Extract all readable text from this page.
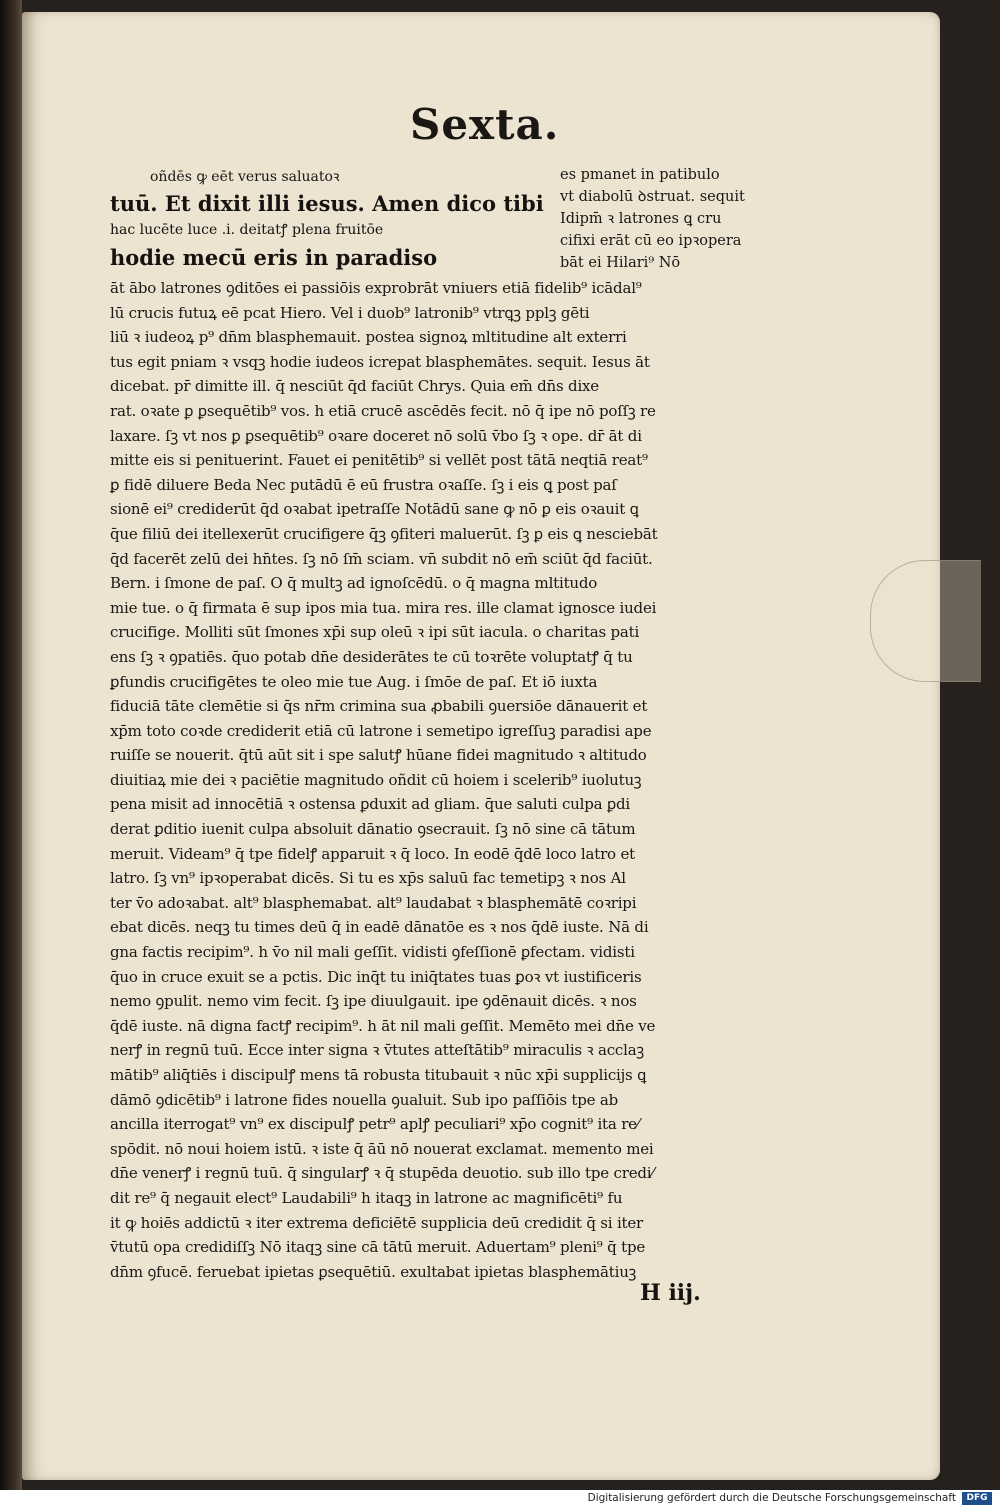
Sexta.
oñdēs ꝙ eēt verus saluatoꝛ
tuū. Et dixit illi iesus. Amen dico tibi
hac lucēte luce .i. deitatꝭ plena fruitōe
hodie mecū eris in paradiso
es pmanet in patibulo
vt diabolū ꝺstruat. sequit
Idipm̄ ꝛ latrones ꝗ cru
cifixi erāt cū eo ipꝛopera
bāt ei Hilari⁹ Nō
āt ābo latrones ꝯditōes ei passiōis exprobrāt vniuers etiā fidelib⁹ icādal⁹
lū crucis futuꝝ eē pcat Hiero. Vel i duob⁹ latronib⁹ vtrꝗꝫ pplꝫ gēti
liū ꝛ iudeoꝝ p⁹ dn̄m blasphemauit. postea signoꝝ mltitudine alt exterri
tus egit pniam ꝛ vsqꝫ hodie iudeos icrepat blasphemātes. sequit. Iesus āt
dicebat. pr̄ dimitte ill. q̄ nesciūt q̄d faciūt Chrys. Quia em̄ dn̄s dixe
rat. oꝛate ꝑ ꝑsequētib⁹ vos. h etiā crucē ascēdēs fecit. nō q̄ ipe nō poſſꝫ re
laxare. ſꝫ vt nos ꝑ ꝑsequētib⁹ oꝛare doceret nō solū v̄bo ſꝫ ꝛ ope. dr̄ āt di
mitte eis si penituerint. Fauet ei penitētib⁹ si vellēt post tātā neqtiā reat⁹
ꝑ fidē diluere Beda Nec putādū ē eū frustra oꝛaſſe. ſꝫ i eis ꝗ post paſ
sionē ei⁹ crediderūt q̄d oꝛabat ipetraſſe Notādū sane ꝙ nō ꝑ eis oꝛauit ꝗ
q̄ue filiū dei itellexerūt crucifigere q̄ꝫ ꝯfiteri maluerūt. ſꝫ ꝑ eis ꝗ nesciebāt
q̄d facerēt zelū dei hn̄tes. ſꝫ nō ſm̄ sciam. vn̄ subdit nō em̄ sciūt q̄d faciūt.
Bern. i ſmone de paſ. O q̄ multꝫ ad ignoſcēdū. o q̄ magna mltitudo
mie tue. o q̄ firmata ē sup ipos mia tua. mira res. ille clamat ignosce iudei
crucifige. Molliti sūt ſmones xp̄i sup oleū ꝛ ipi sūt iacula. o charitas pati
ens ſꝫ ꝛ ꝯpatiēs. q̄uo potab dn̄e desiderātes te cū toꝛrēte voluptatꝭ q̄ tu
ꝑfundis crucifigētes te oleo mie tue Aug. i ſmōe de paſ. Et iō iuxta
fiduciā tāte clemētie si q̄s nr̄m crimina sua ꝓbabili ꝯuersiōe dānauerit et
xp̄m toto coꝛde crediderit etiā cū latrone i semetipo igreſſuꝫ paradisi ape
ruiſſe se nouerit. q̄tū aūt sit i spe salutꝭ hūane fidei magnitudo ꝛ altitudo
diuitiaꝝ mie dei ꝛ paciētie magnitudo oñdit cū hoiem i scelerib⁹ iuolutuꝫ
pena misit ad innocētiā ꝛ ostensa ꝑduxit ad gliam. q̄ue saluti culpa ꝑdi
derat ꝑditio iuenit culpa absoluit dānatio ꝯsecrauit. ſꝫ nō sine cā tātum
meruit. Videam⁹ q̄ tpe fidelꝭ apparuit ꝛ q̄ loco. In eodē q̄dē loco latro et
latro. ſꝫ vn⁹ ipꝛoperabat dicēs. Si tu es xp̄s saluū fac temetipꝫ ꝛ nos Al
ter v̄o adoꝛabat. alt⁹ blasphemabat. alt⁹ laudabat ꝛ blasphemātē coꝛripi
ebat dicēs. neqꝫ tu times deū q̄ in eadē dānatōe es ꝛ nos q̄dē iuste. Nā di
gna factis recipim⁹. h v̄o nil mali geſſit. vidisti ꝯfeſſionē ꝑfectam. vidisti
q̄uo in cruce exuit se a pctis. Dic inq̄t tu iniq̄tates tuas ꝑoꝛ vt iustificeris
nemo ꝯpulit. nemo vim fecit. ſꝫ ipe diuulgauit. ipe ꝯdēnauit dicēs. ꝛ nos
q̄dē iuste. nā digna factꝭ recipim⁹. h āt nil mali geſſit. Memēto mei dn̄e ve
nerꝭ in regnū tuū. Ecce inter signa ꝛ v̄tutes atteſtātib⁹ miraculis ꝛ acclaꝫ
mātib⁹ aliq̄tiēs i discipulꝭ mens tā robusta titubauit ꝛ nūc xp̄i supplicijs ꝗ
dāmō ꝯdicētib⁹ i latrone fides nouella ꝯualuit. Sub ipo paſſiōis tpe ab
ancilla iterrogat⁹ vn⁹ ex discipulꝭ petr⁹ aplꝭ peculiari⁹ xp̄o cognit⁹ ita re⁄
spōdit. nō noui hoiem istū. ꝛ iste q̄ āū nō nouerat exclamat. memento mei
dn̄e venerꝭ i regnū tuū. q̄ singularꝭ ꝛ q̄ stupēda deuotio. sub illo tpe credi⁄
dit re⁹ q̄ negauit elect⁹ Laudabili⁹ h itaqꝫ in latrone ac magnificēti⁹ fu
it ꝙ hoiēs addictū ꝛ iter extrema deficiētē supplicia deū credidit q̄ si iter
v̄tutū opa credidiſſꝫ Nō itaqꝫ sine cā tātū meruit. Aduertam⁹ pleni⁹ q̄ tpe
dn̄m ꝯfucē. feruebat ipietas ꝑsequētiū. exultabat ipietas blasphemātiuꝫ
H iij.
Digitalisierung gefördert durch die Deutsche Forschungsgemeinschaft	DFG
